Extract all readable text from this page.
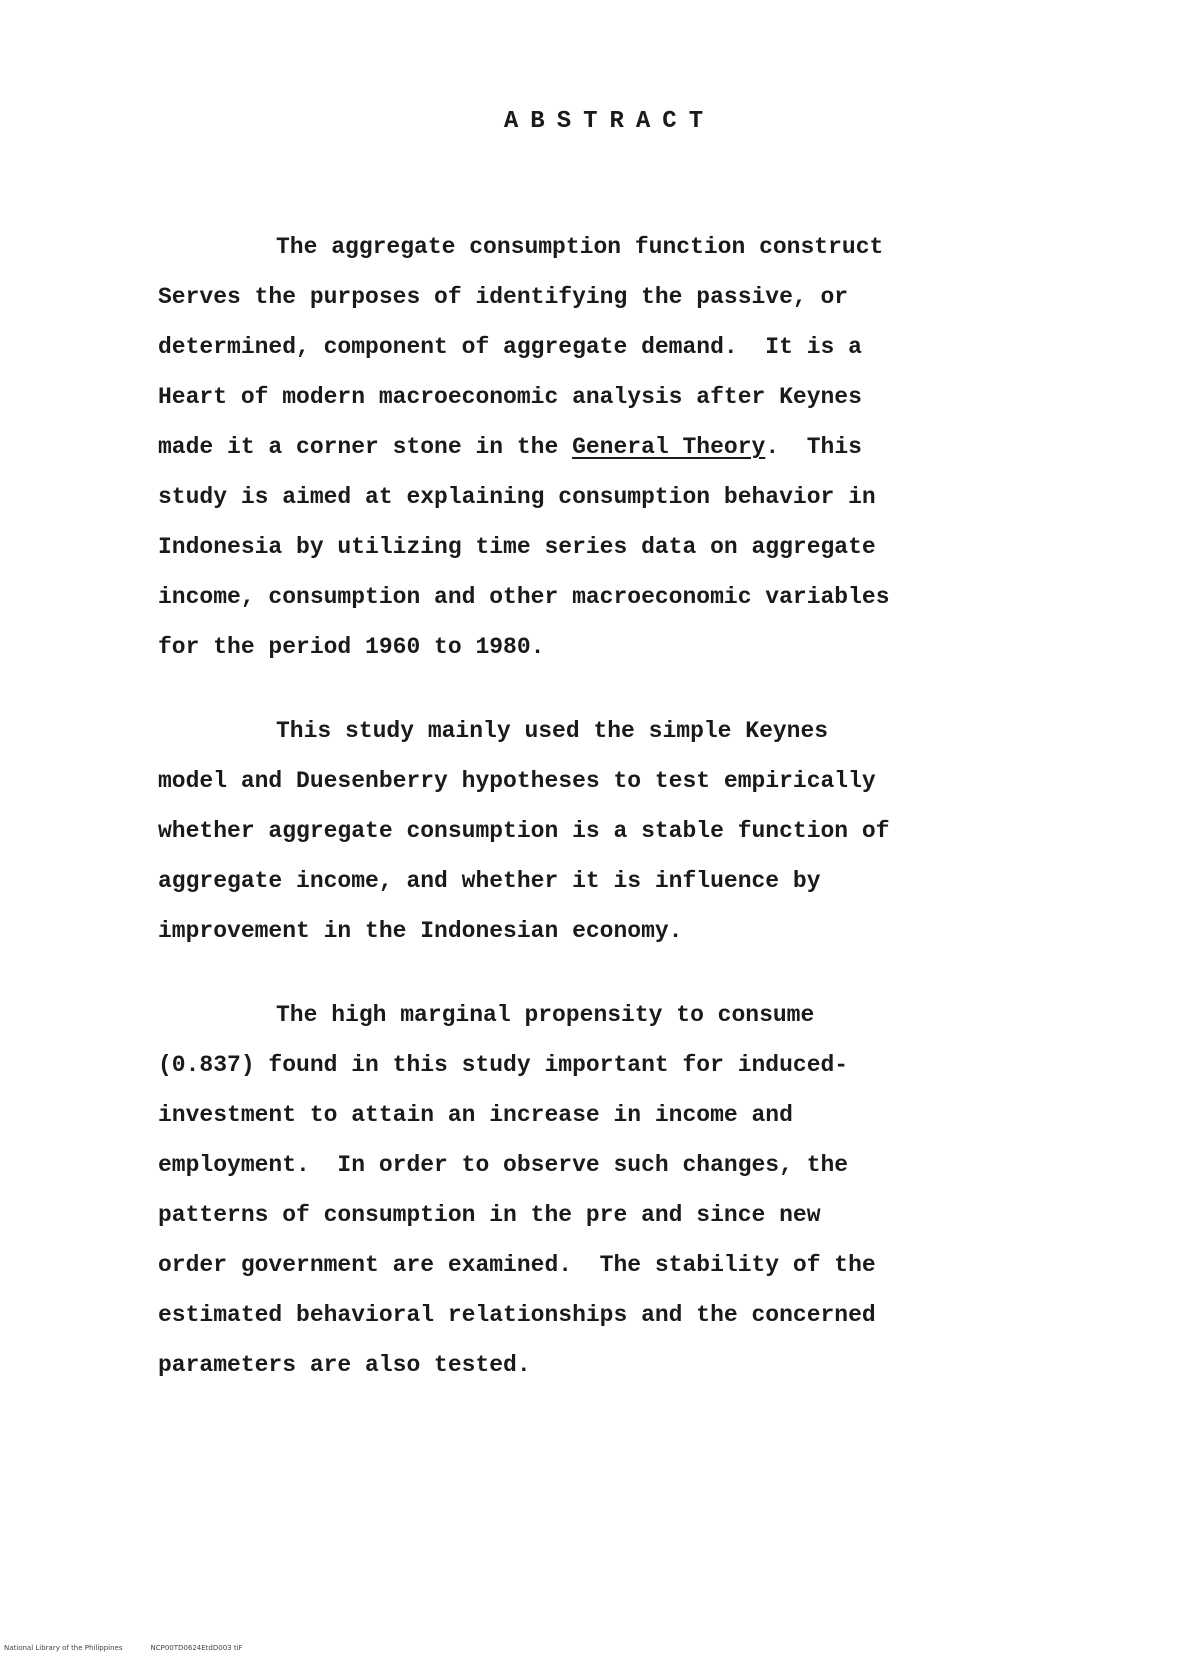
ABSTRACT
The aggregate consumption function construct
Serves the purposes of identifying the passive, or
determined, component of aggregate demand.  It is a
Heart of modern macroeconomic analysis after Keynes
made it a corner stone in the General Theory.  This
study is aimed at explaining consumption behavior in
Indonesia by utilizing time series data on aggregate
income, consumption and other macroeconomic variables
for the period 1960 to 1980.
This study mainly used the simple Keynes
model and Duesenberry hypotheses to test empirically
whether aggregate consumption is a stable function of
aggregate income, and whether it is influence by
improvement in the Indonesian economy.
The high marginal propensity to consume
(0.837) found in this study important for induced-
investment to attain an increase in income and
employment.  In order to observe such changes, the
patterns of consumption in the pre and since new
order government are examined.  The stability of the
estimated behavioral relationships and the concerned
parameters are also tested.
National Library of the Philippines	NCP00TD0624EtdD003 tiF
